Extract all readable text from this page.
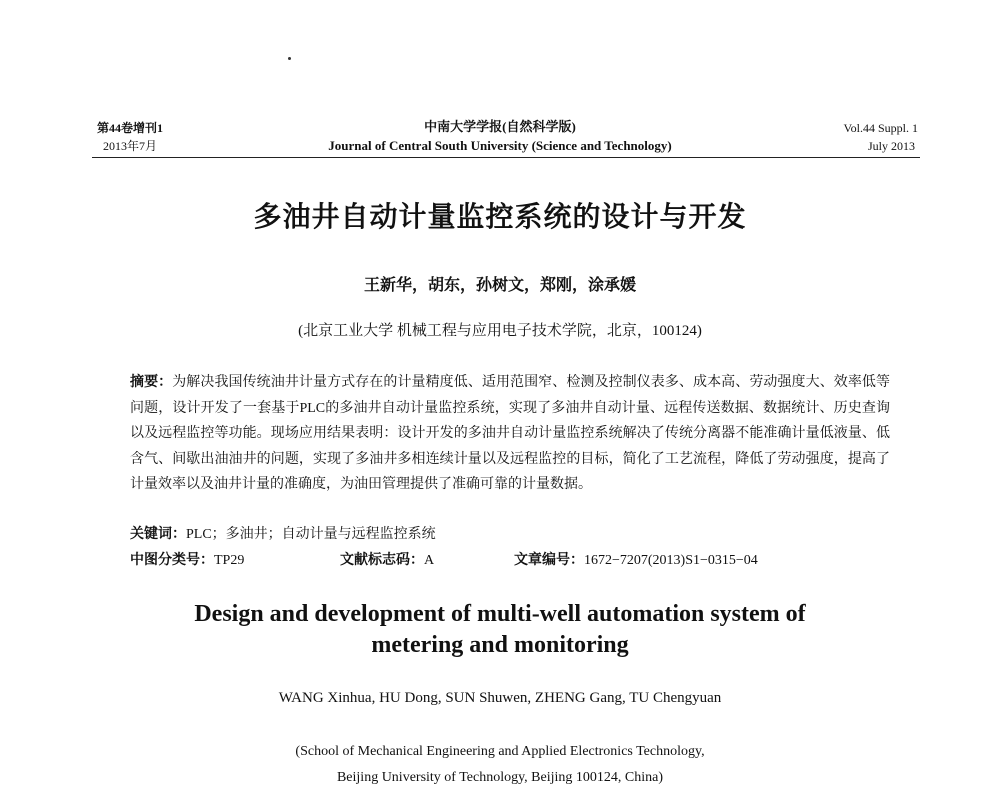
第44卷增刊1
2013年7月
中南大学学报(自然科学版)
Journal of Central South University (Science and Technology)
Vol.44 Suppl. 1
July 2013
多油井自动计量监控系统的设计与开发
王新华，胡东，孙树文，郑刚，涂承媛
(北京工业大学 机械工程与应用电子技术学院，北京，100124)
摘要：为解决我国传统油井计量方式存在的计量精度低、适用范围窄、检测及控制仪表多、成本高、劳动强度大、效率低等问题，设计开发了一套基于PLC的多油井自动计量监控系统，实现了多油井自动计量、远程传送数据、数据统计、历史查询以及远程监控等功能。现场应用结果表明：设计开发的多油井自动计量监控系统解决了传统分离器不能准确计量低液量、低含气、间歇出油油井的问题，实现了多油井多相连续计量以及远程监控的目标，简化了工艺流程，降低了劳动强度，提高了计量效率以及油井计量的准确度，为油田管理提供了准确可靠的计量数据。
关键词：PLC；多油井；自动计量与远程监控系统
中图分类号：TP29	文献标志码：A	文章编号：1672−7207(2013)S1−0315−04
Design and development of multi-well automation system of
metering and monitoring
WANG Xinhua, HU Dong, SUN Shuwen, ZHENG Gang, TU Chengyuan
(School of Mechanical Engineering and Applied Electronics Technology,
Beijing University of Technology, Beijing 100124, China)
